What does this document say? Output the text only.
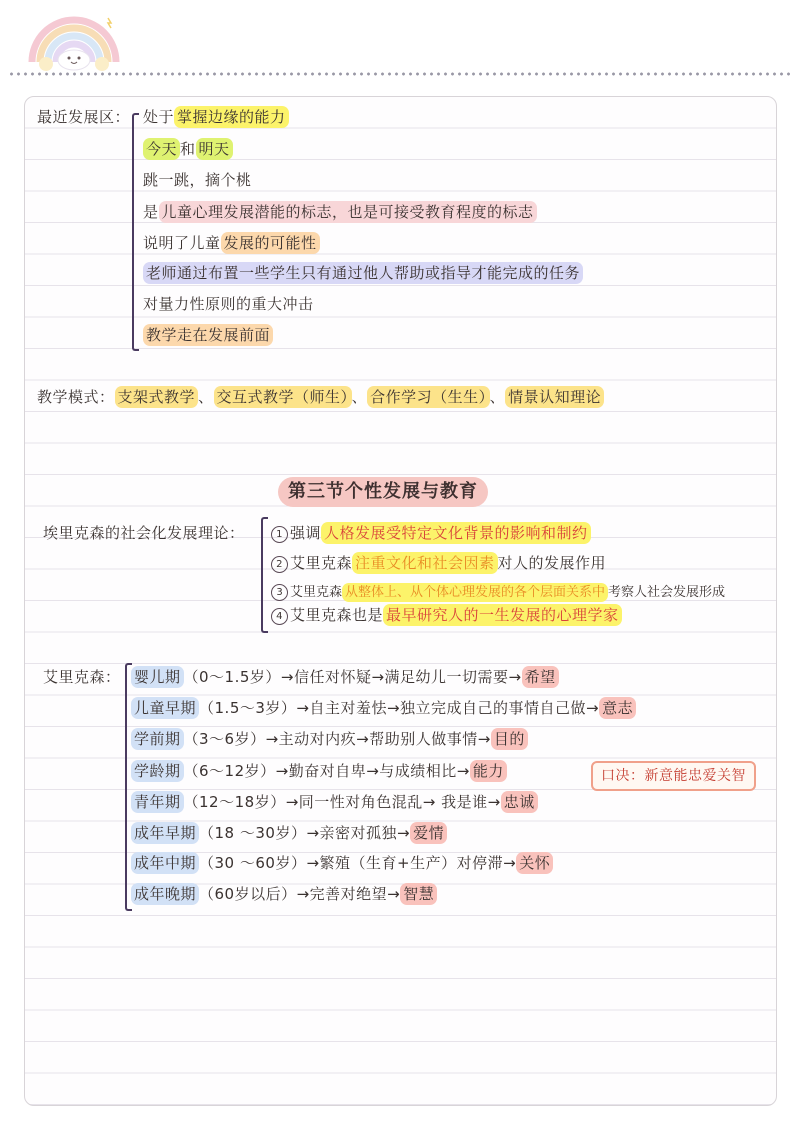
最近发展区： 处于 掌握边缘的能力
今天 和 明天
跳一跳，摘个桃
是 儿童心理发展潜能的标志，也是可接受教育程度的标志
说明了儿童 发展的可能性
老师通过布置一些学生只有通过他人帮助或指导才能完成的任务
对量力性原则的重大冲击
教学走在发展前面
教学模式： 支架式教学 、 交互式教学（师生） 、 合作学习（生生） 、 情景认知理论
第三节个性发展与教育
埃里克森的社会化发展理论：	1 强调 人格发展受特定文化背景的影响和制约
2 艾里克森 注重文化和社会因素 对人的发展作用
3 艾里克森 从整体上、从个体心理发展的各个层面关系中 考察人社会发展形成
4 艾里克森也是 最早研究人的一生发展的心理学家
艾里克森： 婴儿期 （0～1.5岁）→信任对怀疑→满足幼儿一切需要→ 希望
儿童早期 （1.5～3岁）→自主对羞怯→独立完成自己的事情自己做→ 意志
学前期 （3～6岁）→主动对内疚→帮助别人做事情→ 目的
学龄期 （6～12岁）→勤奋对自卑→与成绩相比→ 能力
青年期 （12～18岁）→同一性对角色混乱→ 我是谁→ 忠诚
成年早期 （18 ～30岁）→亲密对孤独→ 爱情
成年中期 （30 ～60岁）→繁殖（生育+生产）对停滞→ 关怀
成年晚期 （60岁以后）→完善对绝望→ 智慧
口决：新意能忠爱关智
